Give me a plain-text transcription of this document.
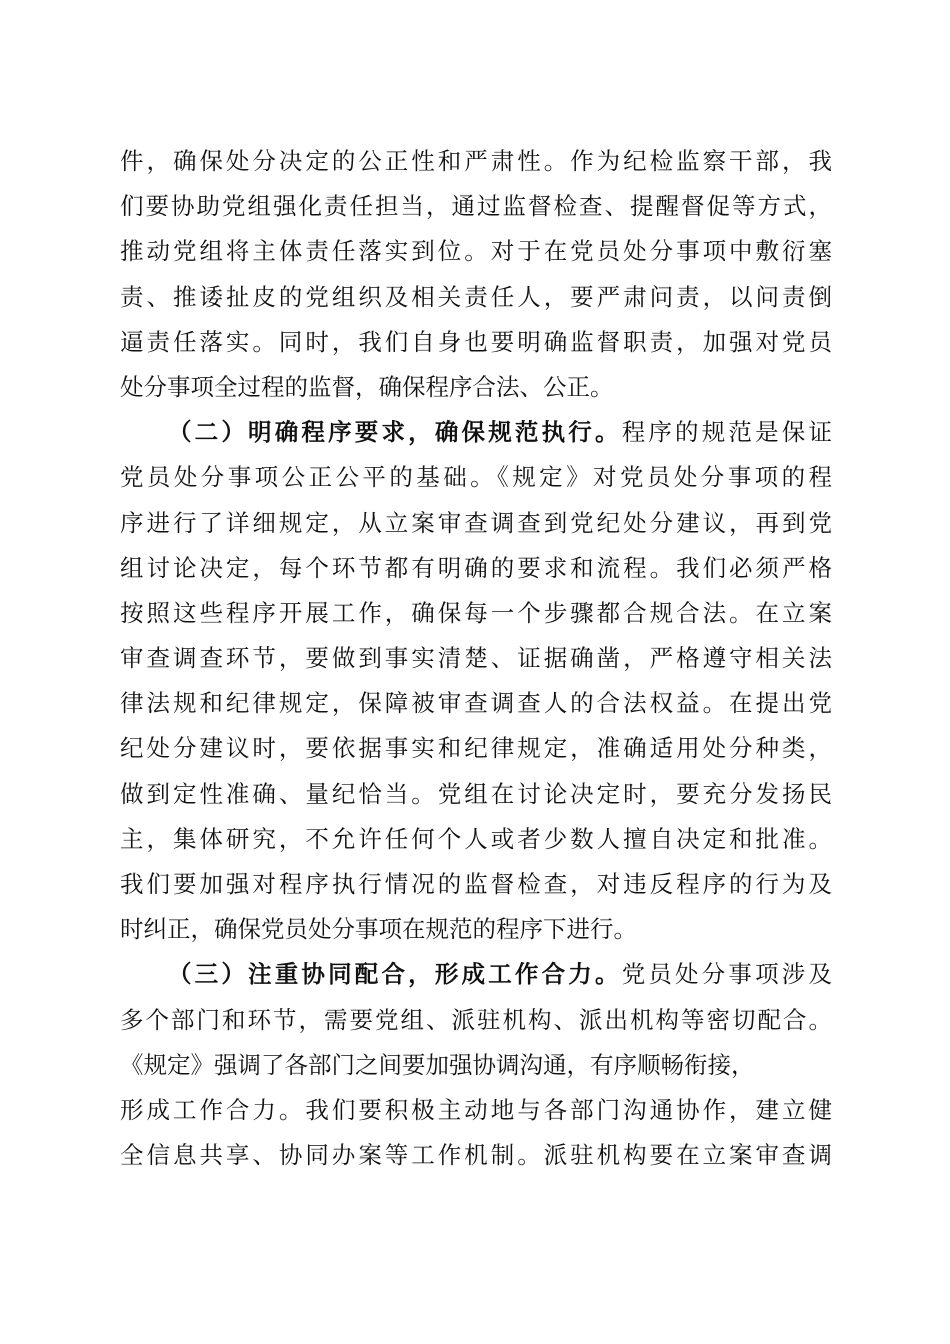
件，确保处分决定的公正性和严肃性。作为纪检监察干部，我
们要协助党组强化责任担当，通过监督检查、提醒督促等方式，
推动党组将主体责任落实到位。对于在党员处分事项中敷衍塞
责、推诿扯皮的党组织及相关责任人，要严肃问责，以问责倒
逼责任落实。同时，我们自身也要明确监督职责，加强对党员
处分事项全过程的监督，确保程序合法、公正。
（二）明确程序要求，确保规范执行。程序的规范是保证
党员处分事项公正公平的基础。《规定》对党员处分事项的程
序进行了详细规定，从立案审查调查到党纪处分建议，再到党
组讨论决定，每个环节都有明确的要求和流程。我们必须严格
按照这些程序开展工作，确保每一个步骤都合规合法。在立案
审查调查环节，要做到事实清楚、证据确凿，严格遵守相关法
律法规和纪律规定，保障被审查调查人的合法权益。在提出党
纪处分建议时，要依据事实和纪律规定，准确适用处分种类，
做到定性准确、量纪恰当。党组在讨论决定时，要充分发扬民
主，集体研究，不允许任何个人或者少数人擅自决定和批准。
我们要加强对程序执行情况的监督检查，对违反程序的行为及
时纠正，确保党员处分事项在规范的程序下进行。
（三）注重协同配合，形成工作合力。党员处分事项涉及
多个部门和环节，需要党组、派驻机构、派出机构等密切配合。
《规定》强调了各部门之间要加强协调沟通，有序顺畅衔接，
形成工作合力。我们要积极主动地与各部门沟通协作，建立健
全信息共享、协同办案等工作机制。派驻机构要在立案审查调
